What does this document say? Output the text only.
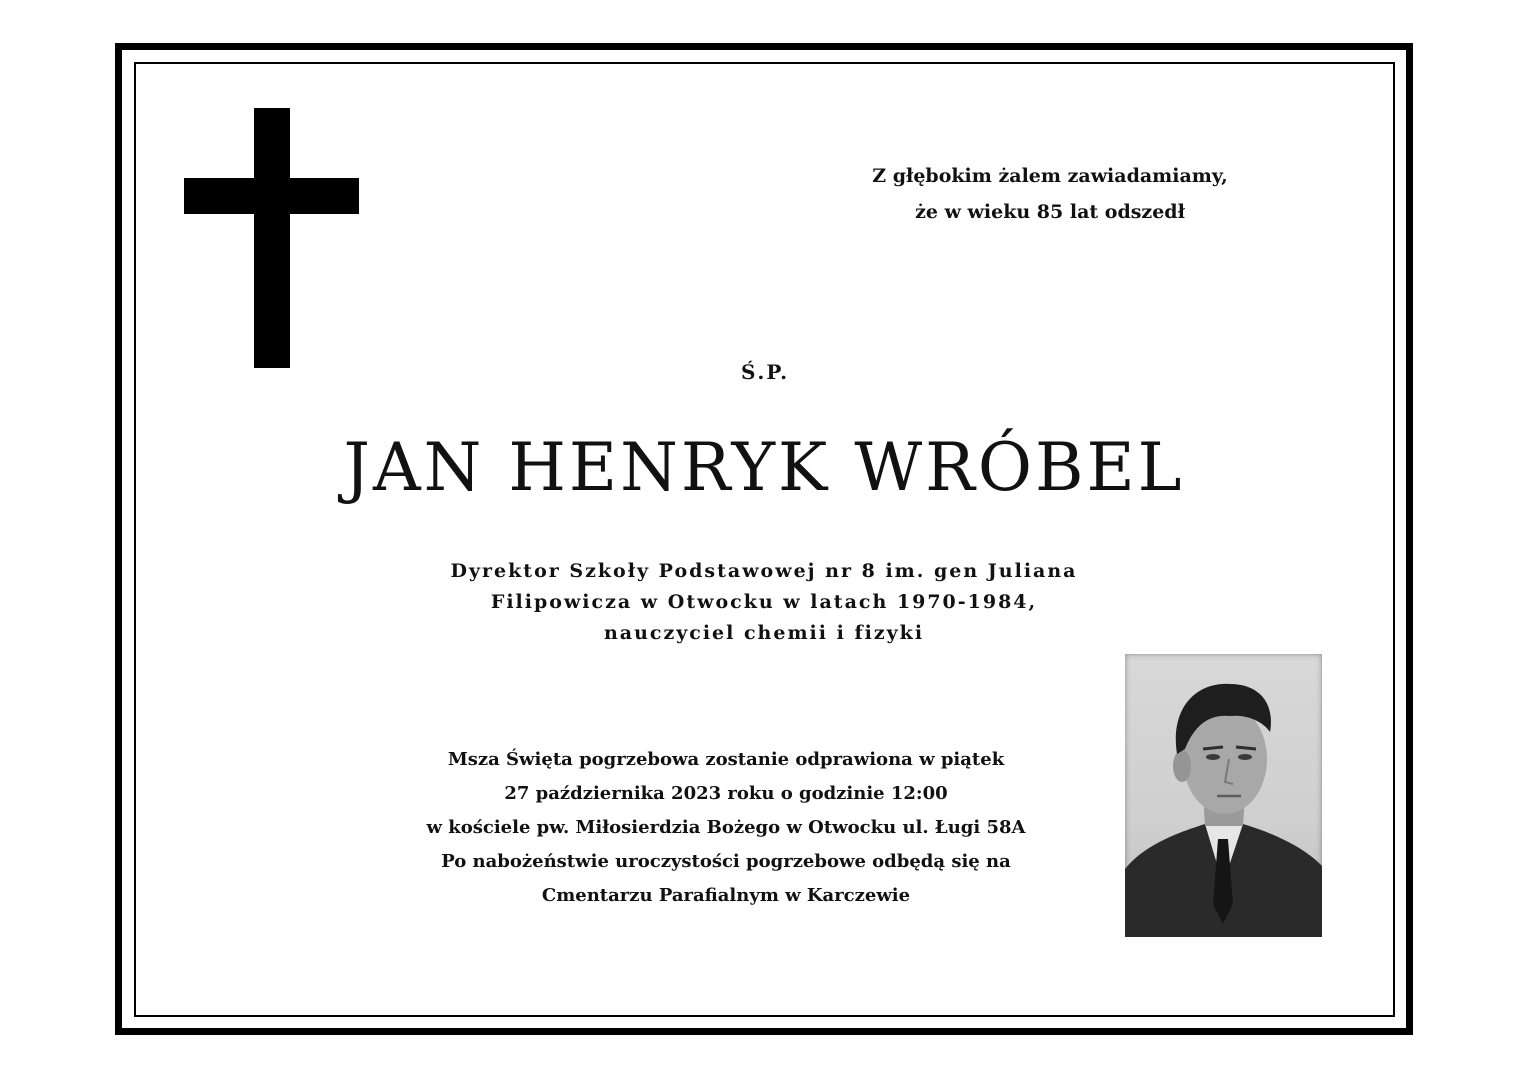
Z głębokim żalem zawiadamiamy,
że w wieku 85 lat odszedł
Ś.P.
JAN HENRYK WRÓBEL
Dyrektor Szkoły Podstawowej nr 8 im. gen Juliana
Filipowicza w Otwocku w latach 1970-1984,
nauczyciel chemii i fizyki
Msza Święta pogrzebowa zostanie odprawiona w piątek
27 października 2023 roku o godzinie 12:00
w kościele pw. Miłosierdzia Bożego w Otwocku ul. Ługi 58A
Po nabożeństwie uroczystości pogrzebowe odbędą się na
Cmentarzu Parafialnym w Karczewie
